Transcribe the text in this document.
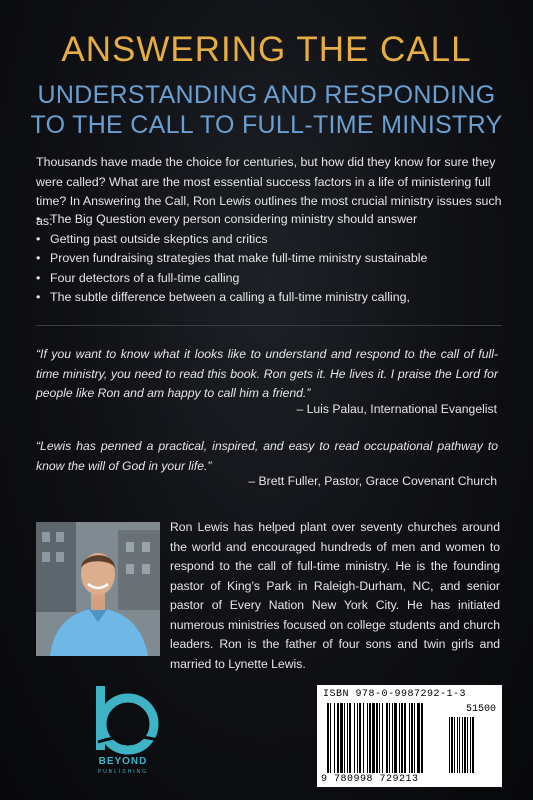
ANSWERING THE CALL
UNDERSTANDING AND RESPONDING
TO THE CALL TO FULL-TIME MINISTRY
Thousands have made the choice for centuries, but how did they know for sure they were called? What are the most essential success factors in a life of ministering full time? In Answering the Call, Ron Lewis outlines the most crucial ministry issues such as:
• The Big Question every person considering ministry should answer
• Getting past outside skeptics and critics
• Proven fundraising strategies that make full-time ministry sustainable
• Four detectors of a full-time calling
• The subtle difference between a calling a full-time ministry calling,
“If you want to know what it looks like to understand and respond to the call of full-time ministry, you need to read this book. Ron gets it. He lives it. I praise the Lord for people like Ron and am happy to call him a friend.”
– Luis Palau, International Evangelist
“Lewis has penned a practical, inspired, and easy to read occupational pathway to know the will of God in your life.”
– Brett Fuller, Pastor, Grace Covenant Church
Ron Lewis has helped plant over seventy churches around the world and encouraged hundreds of men and women to respond to the call of full-time ministry. He is the founding pastor of King’s Park in Raleigh-Durham, NC, and senior pastor of Every Nation New York City. He has initiated numerous ministries focused on college students and church leaders. Ron is the father of four sons and twin girls and married to Lynette Lewis.
BEYOND
PUBLISHING
ISBN 978-0-9987292-1-3
51500
9 780998 729213
